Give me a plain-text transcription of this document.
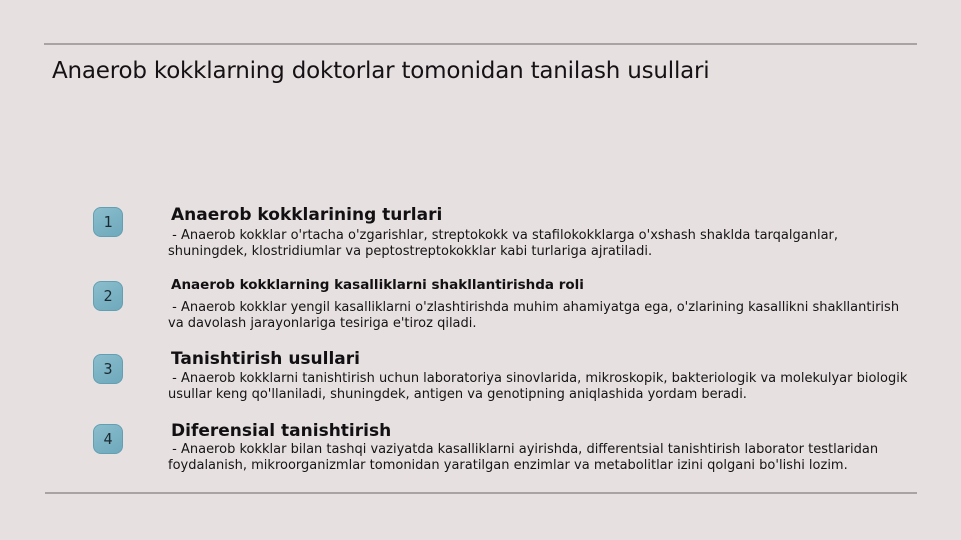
Anaerob kokklarning doktorlar tomonidan tanilash usullari
1	Anaerob kokklarining turlari
- Anaerob kokklar o'rtacha o'zgarishlar, streptokokk va stafilokokklarga o'xshash shaklda tarqalganlar, shuningdek, klostridiumlar va peptostreptokokklar kabi turlariga ajratiladi.
2
Anaerob kokklarning kasalliklarni shakllantirishda roli
- Anaerob kokklar yengil kasalliklarni o'zlashtirishda muhim ahamiyatga ega, o'zlarining kasallikni shakllantirish va davolash jarayonlariga tesiriga e'tiroz qiladi.
3	Tanishtirish usullari
- Anaerob kokklarni tanishtirish uchun laboratoriya sinovlarida, mikroskopik, bakteriologik va molekulyar biologik usullar keng qo'llaniladi, shuningdek, antigen va genotipning aniqlashida yordam beradi.
4	Diferensial tanishtirish
- Anaerob kokklar bilan tashqi vaziyatda kasalliklarni ayirishda, differentsial tanishtirish laborator testlaridan foydalanish, mikroorganizmlar tomonidan yaratilgan enzimlar va metabolitlar izini qolgani bo'lishi lozim.
